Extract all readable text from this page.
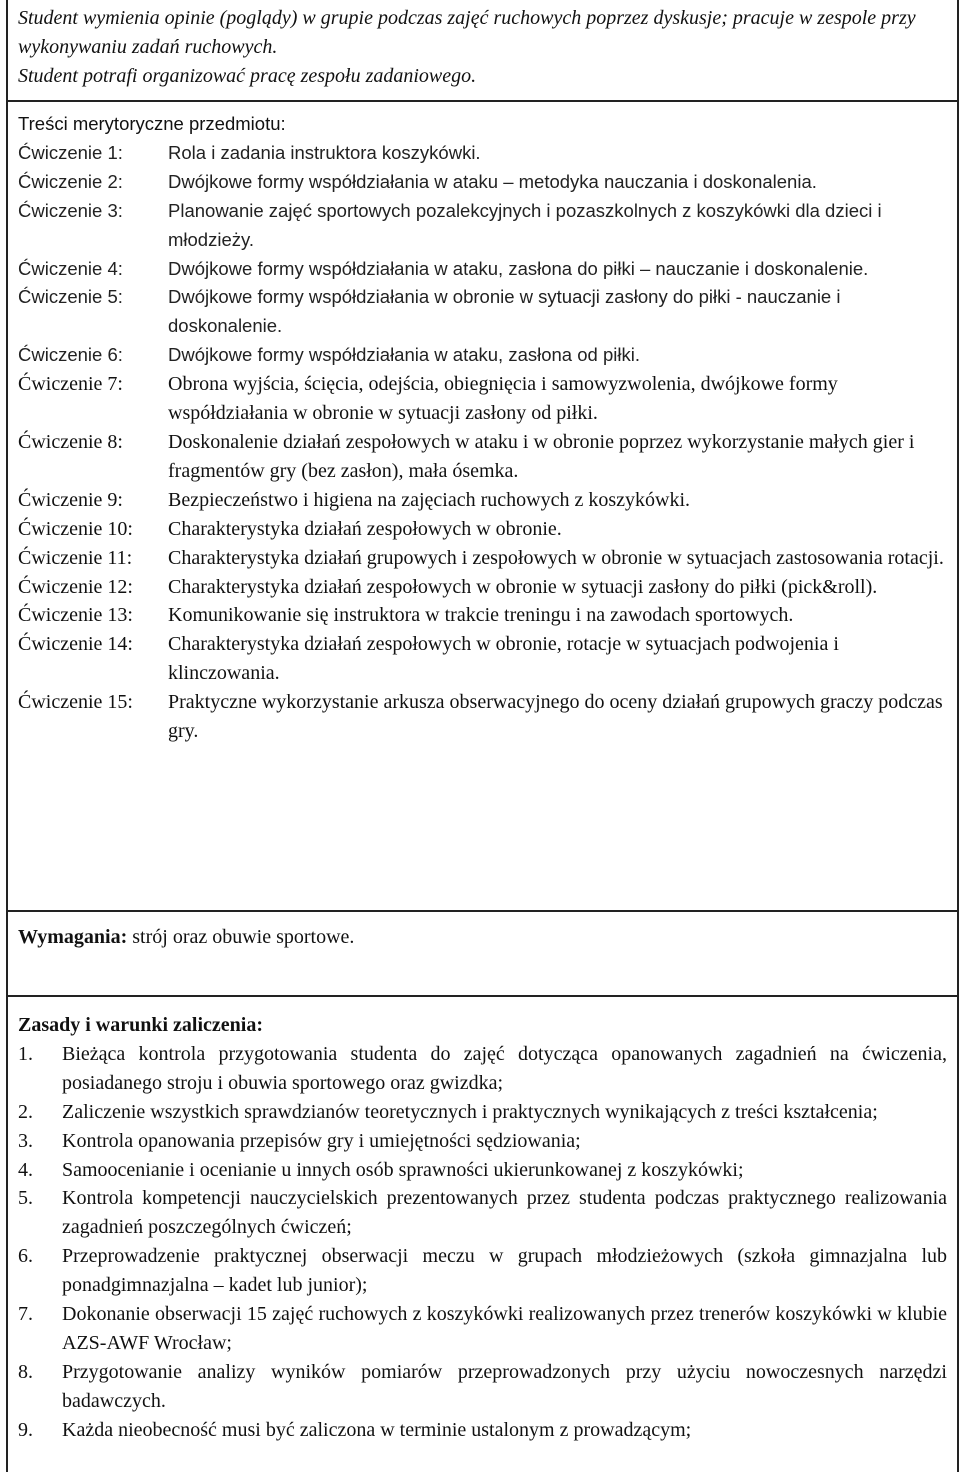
Student wymienia opinie (poglądy) w grupie podczas zajęć ruchowych poprzez dyskusje; pracuje w zespole przy wykonywaniu zadań ruchowych.

Student potrafi organizować pracę zespołu zadaniowego.

Treści merytoryczne przedmiotu:
Ćwiczenie 1:	Rola i zadania instruktora koszykówki.
Ćwiczenie 2:	Dwójkowe formy współdziałania w ataku – metodyka nauczania i doskonalenia.
Ćwiczenie 3:	Planowanie zajęć sportowych pozalekcyjnych i pozaszkolnych z koszykówki dla dzieci i młodzieży.
Ćwiczenie 4:	Dwójkowe formy współdziałania w ataku, zasłona do piłki – nauczanie i doskonalenie.
Ćwiczenie 5:	Dwójkowe formy współdziałania w obronie w sytuacji zasłony do piłki - nauczanie i doskonalenie.
Ćwiczenie 6:	Dwójkowe formy współdziałania w ataku, zasłona od piłki.
Ćwiczenie 7:	Obrona wyjścia, ścięcia, odejścia, obiegnięcia i samowyzwolenia, dwójkowe formy współdziałania w obronie w sytuacji zasłony od piłki.
Ćwiczenie 8:	Doskonalenie działań zespołowych w ataku i w obronie poprzez wykorzystanie małych gier i fragmentów gry (bez zasłon), mała ósemka.
Ćwiczenie 9:	Bezpieczeństwo i higiena na zajęciach ruchowych z koszykówki.
Ćwiczenie 10:	Charakterystyka działań zespołowych w obronie.
Ćwiczenie 11:	Charakterystyka działań grupowych i zespołowych w obronie w sytuacjach zastosowania rotacji.
Ćwiczenie 12:	Charakterystyka działań zespołowych w obronie w sytuacji zasłony do piłki (pick&roll).
Ćwiczenie 13:	Komunikowanie się instruktora w trakcie treningu i na zawodach sportowych.
Ćwiczenie 14:	Charakterystyka działań zespołowych w obronie, rotacje w sytuacjach podwojenia i klinczowania.
Ćwiczenie 15:	Praktyczne wykorzystanie arkusza obserwacyjnego do oceny działań grupowych graczy podczas gry.
Wymagania: strój oraz obuwie sportowe.
Zasady i warunki zaliczenia:
1.	Bieżąca kontrola przygotowania studenta do zajęć dotycząca opanowanych zagadnień na ćwiczenia, posiadanego stroju i obuwia sportowego oraz gwizdka;
2.	Zaliczenie wszystkich sprawdzianów teoretycznych i praktycznych wynikających z treści kształcenia;
3.	Kontrola opanowania przepisów gry i umiejętności sędziowania;
4.	Samoocenianie i ocenianie u innych osób sprawności ukierunkowanej z koszykówki;
5.	Kontrola kompetencji nauczycielskich prezentowanych przez studenta podczas praktycznego realizowania zagadnień poszczególnych ćwiczeń;
6.	Przeprowadzenie praktycznej obserwacji meczu w grupach młodzieżowych (szkoła gimnazjalna lub ponadgimnazjalna – kadet lub junior);
7.	Dokonanie obserwacji 15 zajęć ruchowych z koszykówki realizowanych przez trenerów koszykówki w klubie AZS-AWF Wrocław;
8.	Przygotowanie analizy wyników pomiarów przeprowadzonych przy użyciu nowoczesnych narzędzi badawczych.
9.	Każda nieobecność musi być zaliczona w terminie ustalonym z prowadzącym;
